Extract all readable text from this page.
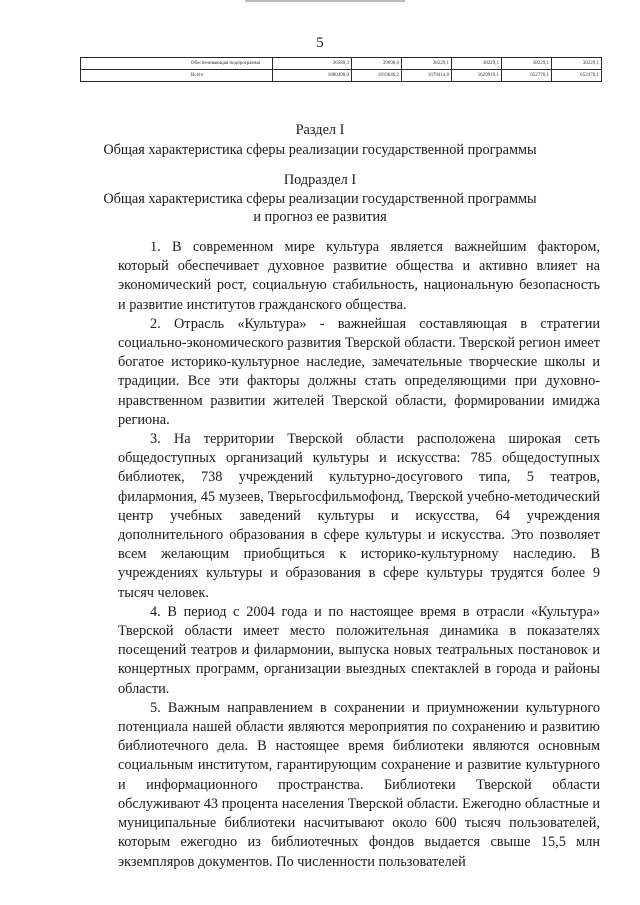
5
Обеспечивающая подпрограмма	36589,3	39098,6	38229,1	38229,1	38229,1	38229,1
Всего	1880490,0	1819646,2	1679414,8	1629910,1	652770,1	652470,1
Раздел I
Общая характеристика сферы реализации государственной программы
Подраздел I
Общая характеристика сферы реализации государственной программы
и прогноз ее развития

1. В современном мире культура является важнейшим фактором, который обеспечивает духовное развитие общества и активно влияет на экономический рост, социальную стабильность, национальную безопасность и развитие институтов гражданского общества.

2. Отрасль «Культура» - важнейшая составляющая в стратегии социально-экономического развития Тверской области. Тверской регион имеет богатое историко-культурное наследие, замечательные творческие школы и традиции. Все эти факторы должны стать определяющими при духовно-нравственном развитии жителей Тверской области, формировании имиджа региона.

3. На территории Тверской области расположена широкая сеть общедоступных организаций культуры и искусства: 785 общедоступных библиотек, 738 учреждений культурно-досугового типа, 5 театров, филармония, 45 музеев, Тверьгосфильмофонд, Тверской учебно-методический центр учебных заведений культуры и искусства, 64 учреждения дополнительного образования в сфере культуры и искусства. Это позволяет всем желающим приобщиться к историко-культурному наследию. В учреждениях культуры и образования в сфере культуры трудятся более 9 тысяч человек.

4. В период с 2004 года и по настоящее время в отрасли «Культура» Тверской области имеет место положительная динамика в показателях посещений театров и филармонии, выпуска новых театральных постановок и концертных программ, организации выездных спектаклей в города и районы области.

5. Важным направлением в сохранении и приумножении культурного потенциала нашей области являются мероприятия по сохранению и развитию библиотечного дела. В настоящее время библиотеки являются основным социальным институтом, гарантирующим сохранение и развитие культурного и информационного пространства. Библиотеки Тверской области обслуживают 43 процента населения Тверской области. Ежегодно областные и муниципальные библиотеки насчитывают около 600 тысяч пользователей, которым ежегодно из библиотечных фондов выдается свыше 15,5 млн экземпляров документов. По численности пользователей
